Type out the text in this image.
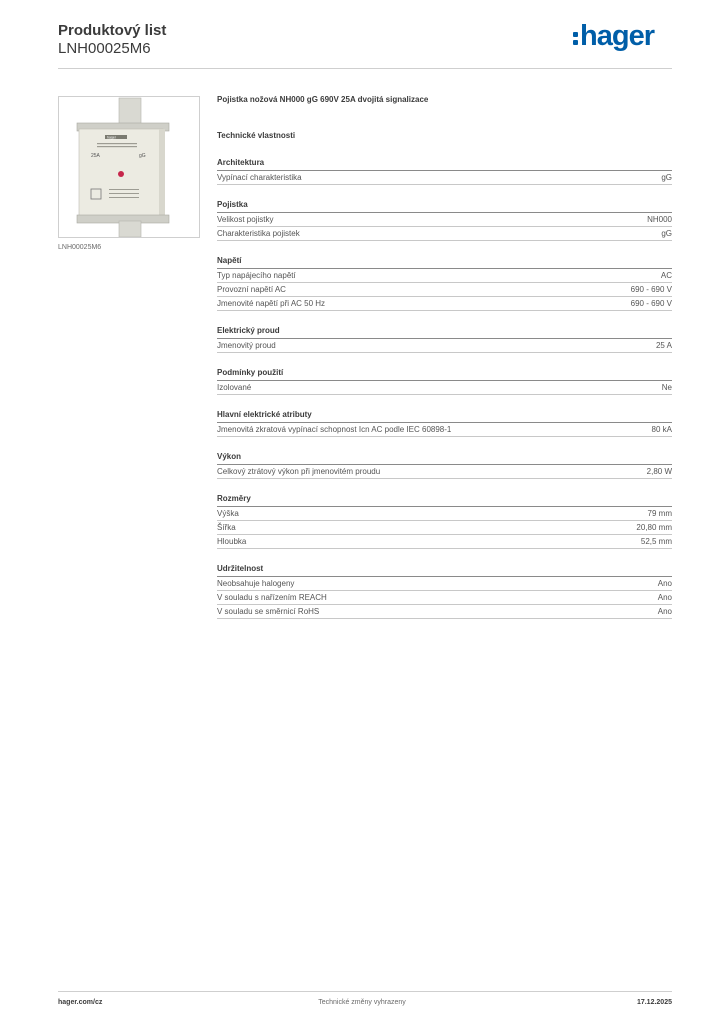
Produktový list
LNH00025M6	hager
hager
25A	gG
LNH00025M6
Pojistka nožová NH000 gG 690V 25A dvojitá signalizace
Technické vlastnosti
Architektura
Vypínací charakteristika	gG
Pojistka
Velikost pojistky	NH000
Charakteristika pojistek	gG
Napětí
Typ napájecího napětí	AC
Provozní napětí AC	690 - 690 V
Jmenovité napětí při AC 50 Hz	690 - 690 V
Elektrický proud
Jmenovitý proud	25 A
Podmínky použití
Izolované	Ne
Hlavní elektrické atributy
Jmenovitá zkratová vypínací schopnost Icn AC podle IEC 60898-1	80 kA
Výkon
Celkový ztrátový výkon při jmenovitém proudu	2,80 W
Rozměry
Výška	79 mm
Šířka	20,80 mm
Hloubka	52,5 mm
Udržitelnost
Neobsahuje halogeny	Ano
V souladu s nařízením REACH	Ano
V souladu se směrnicí RoHS	Ano
hager.com/cz	Technické změny vyhrazeny	17.12.2025
